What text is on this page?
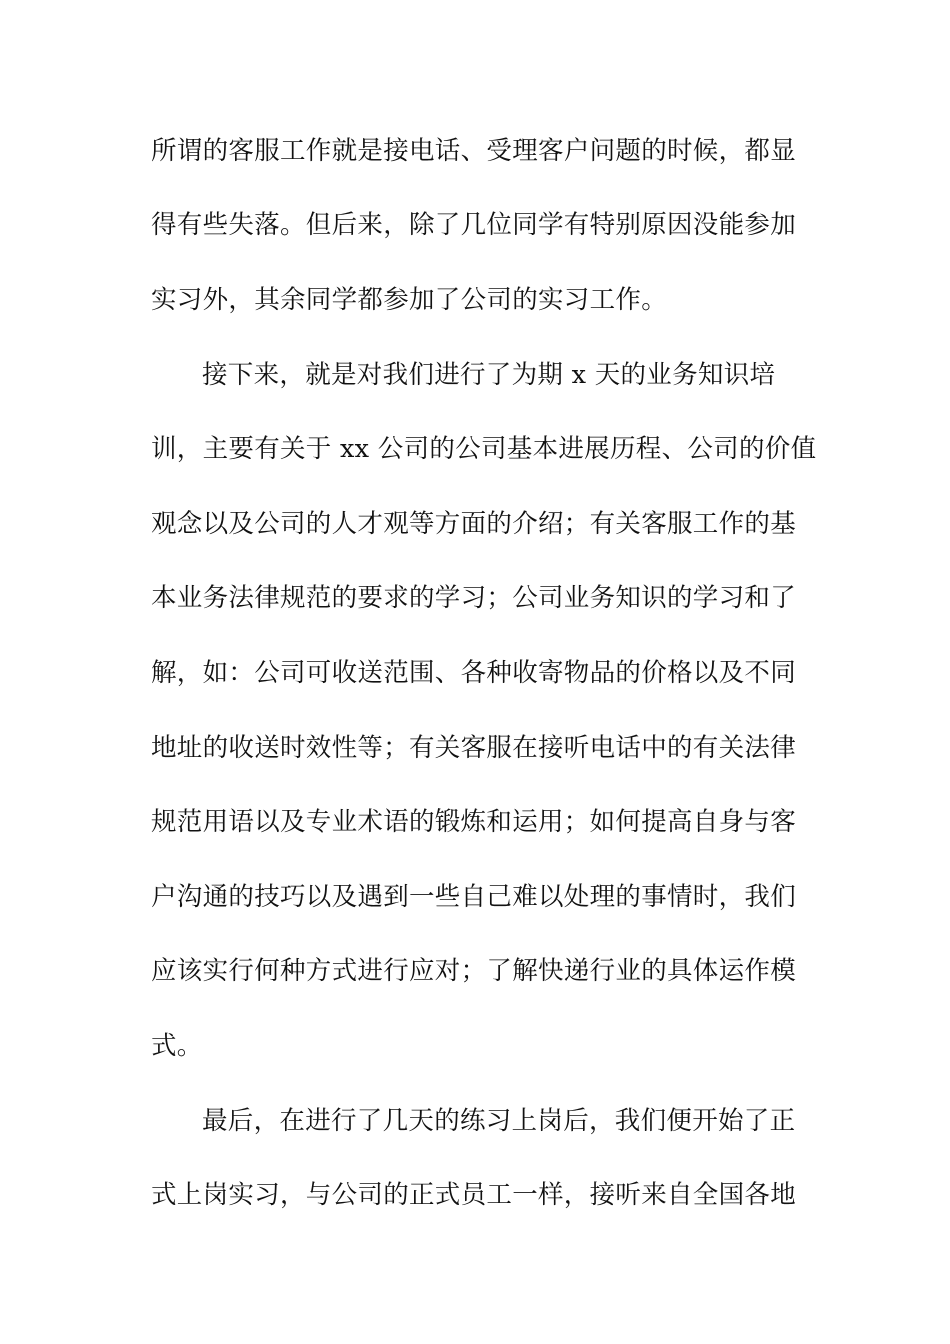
所谓的客服工作就是接电话、受理客户问题的时候，都显
得有些失落。但后来，除了几位同学有特别原因没能参加
实习外，其余同学都参加了公司的实习工作。
接下来，就是对我们进行了为期 x 天的业务知识培
训，主要有关于 xx 公司的公司基本进展历程、公司的价值
观念以及公司的人才观等方面的介绍；有关客服工作的基
本业务法律规范的要求的学习；公司业务知识的学习和了
解，如：公司可收送范围、各种收寄物品的价格以及不同
地址的收送时效性等；有关客服在接听电话中的有关法律
规范用语以及专业术语的锻炼和运用；如何提高自身与客
户沟通的技巧以及遇到一些自己难以处理的事情时，我们
应该实行何种方式进行应对；了解快递行业的具体运作模
式。
最后，在进行了几天的练习上岗后，我们便开始了正
式上岗实习，与公司的正式员工一样，接听来自全国各地
